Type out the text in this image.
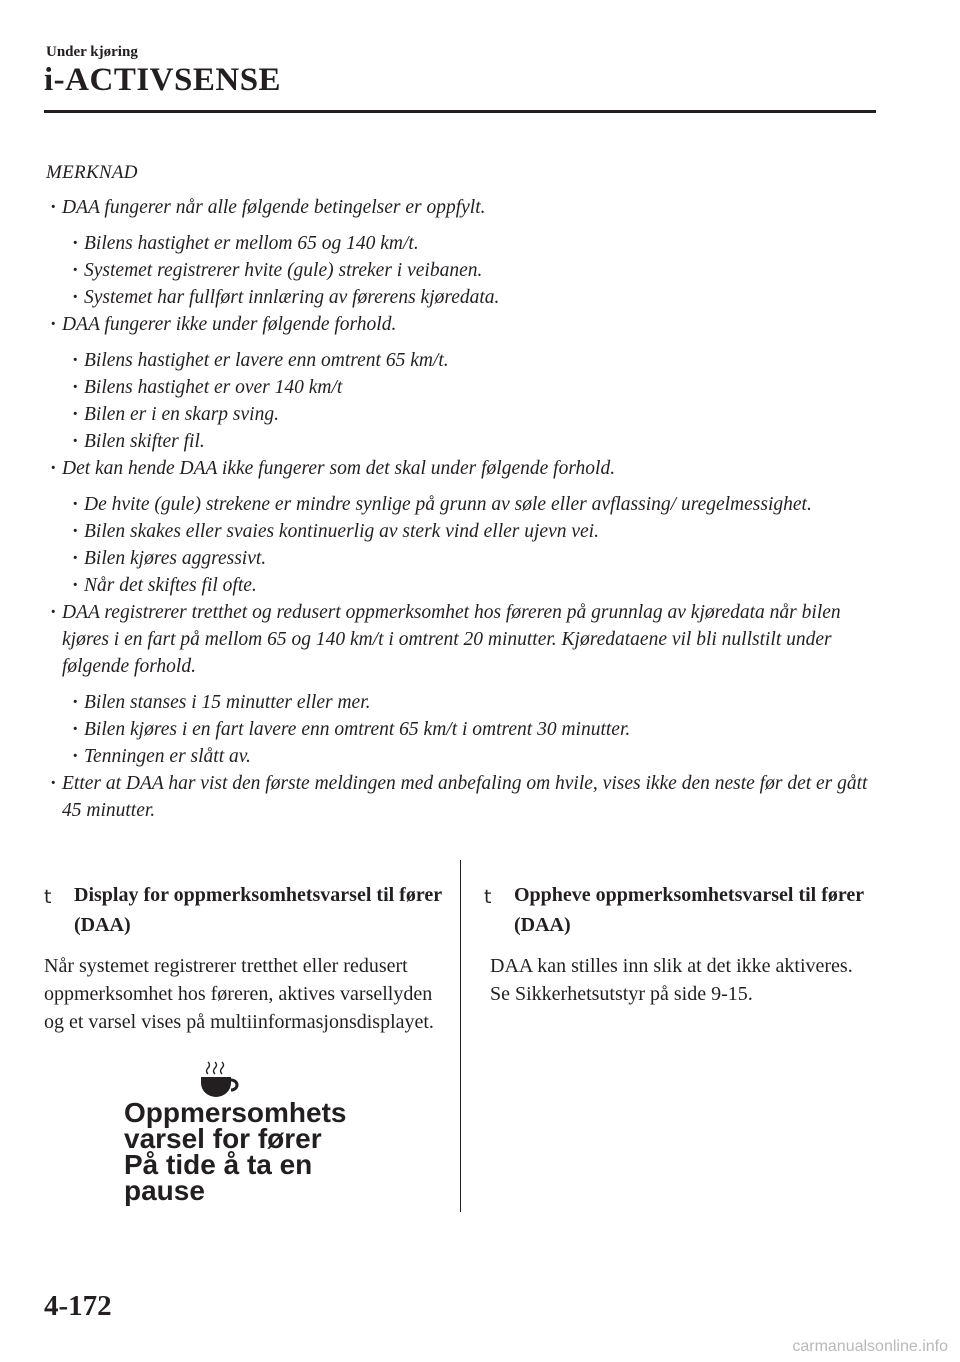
Under kjøring
i-ACTIVSENSE
MERKNAD
· DAA fungerer når alle følgende betingelser er oppfylt.
· Bilens hastighet er mellom 65 og 140 km/t.
· Systemet registrerer hvite (gule) streker i veibanen.
· Systemet har fullført innlæring av førerens kjøredata.
· DAA fungerer ikke under følgende forhold.
· Bilens hastighet er lavere enn omtrent 65 km/t.
· Bilens hastighet er over 140 km/t
· Bilen er i en skarp sving.
· Bilen skifter fil.
· Det kan hende DAA ikke fungerer som det skal under følgende forhold.
· De hvite (gule) strekene er mindre synlige på grunn av søle eller avflassing/ uregelmessighet.
· Bilen skakes eller svaies kontinuerlig av sterk vind eller ujevn vei.
· Bilen kjøres aggressivt.
· Når det skiftes fil ofte.
· DAA registrerer tretthet og redusert oppmerksomhet hos føreren på grunnlag av kjøredata når bilen kjøres i en fart på mellom 65 og 140 km/t i omtrent 20 minutter. Kjøredataene vil bli nullstilt under følgende forhold.
· Bilen stanses i 15 minutter eller mer.
· Bilen kjøres i en fart lavere enn omtrent 65 km/t i omtrent 30 minutter.
· Tenningen er slått av.
· Etter at DAA har vist den første meldingen med anbefaling om hvile, vises ikke den neste før det er gått 45 minutter.
t Display for oppmerksomhetsvarsel til fører (DAA)

Når systemet registrerer tretthet eller redusert oppmerksomhet hos føreren, aktives varsellyden og et varsel vises på multiinformasjonsdisplayet.

Oppmersomhets
varsel for fører
På tide å ta en
pause
t Oppheve oppmerksomhetsvarsel til fører (DAA)

DAA kan stilles inn slik at det ikke aktiveres.
Se Sikkerhetsutstyr på side 9-15.

4-172
carmanualsonline.info
